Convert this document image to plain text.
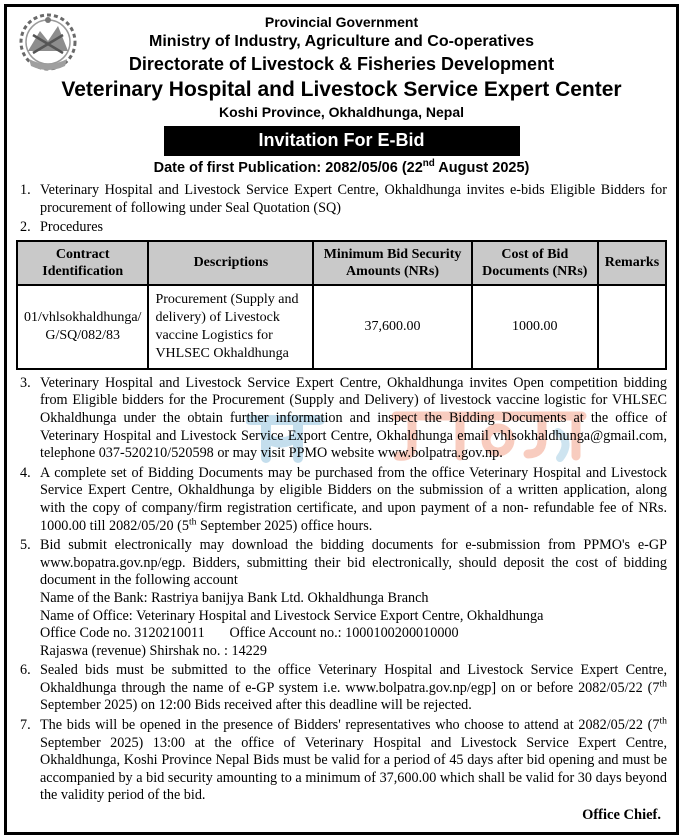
Provincial Government
Ministry of Industry, Agriculture and Co-operatives
Directorate of Livestock & Fisheries Development
Veterinary Hospital and Livestock Service Expert Center
Koshi Province, Okhaldhunga, Nepal
Invitation For E-Bid
Date of first Publication: 2082/05/06 (22nd August 2025)
1. Veterinary Hospital and Livestock Service Expert Centre, Okhaldhunga invites e-bids Eligible Bidders for procurement of following under Seal Quotation (SQ)
2. Procedures
Contract Identification	Descriptions	Minimum Bid Security Amounts (NRs)	Cost of Bid Documents (NRs)	Remarks
01/vhlsokhaldhunga/ G/SQ/082/83	Procurement (Supply and delivery) of Livestock vaccine Logistics for VHLSEC Okhaldhunga	37,600.00	1000.00	
3. Veterinary Hospital and Livestock Service Expert Centre, Okhaldhunga invites Open competition bidding from Eligible bidders for the Procurement (Supply and Delivery) of livestock vaccine logistic for VHLSEC Okhaldhunga under the obtain further information and inspect the Bidding Documents at the office of Veterinary Hospital and Livestock Service Export Centre, Okhaldhunga email vhlsokhaldhunga@gmail.com, telephone 037-520210/520598 or may visit PPMO website www.bolpatra.gov.np.
4. A complete set of Bidding Documents may be purchased from the office Veterinary Hospital and Livestock Service Expert Centre, Okhaldhunga by eligible Bidders on the submission of a written application, along with the copy of company/firm registration certificate, and upon payment of a non- refundable fee of NRs. 1000.00 till 2082/05/20 (5th September 2025) office hours.
5. Bid submit electronically may download the bidding documents for e-submission from PPMO's e-GP www.bopatra.gov.np/egp. Bidders, submitting their bid electronically, should deposit the cost of bidding document in the following account
Name of the Bank: Rastriya banijya Bank Ltd. Okhaldhunga Branch
Name of Office: Veterinary Hospital and Livestock Service Export Centre, Okhaldhunga
Office Code no. 3120210011       Office Account no.: 1000100200010000
Rajaswa (revenue) Shirshak no. : 14229
6. Sealed bids must be submitted to the office Veterinary Hospital and Livestock Service Expert Centre, Okhaldhunga through the name of e-GP system i.e. www.bolpatra.gov.np/egp] on or before 2082/05/22 (7th September 2025) on 12:00 Bids received after this deadline will be rejected.
7. The bids will be opened in the presence of Bidders' representatives who choose to attend at 2082/05/22 (7th September 2025) 13:00 at the office of Veterinary Hospital and Livestock Service Expert Centre, Okhaldhunga, Koshi Province Nepal Bids must be valid for a period of 45 days after bid opening and must be accompanied by a bid security amounting to a minimum of 37,600.00 which shall be valid for 30 days beyond the validity period of the bid.
Office Chief.
